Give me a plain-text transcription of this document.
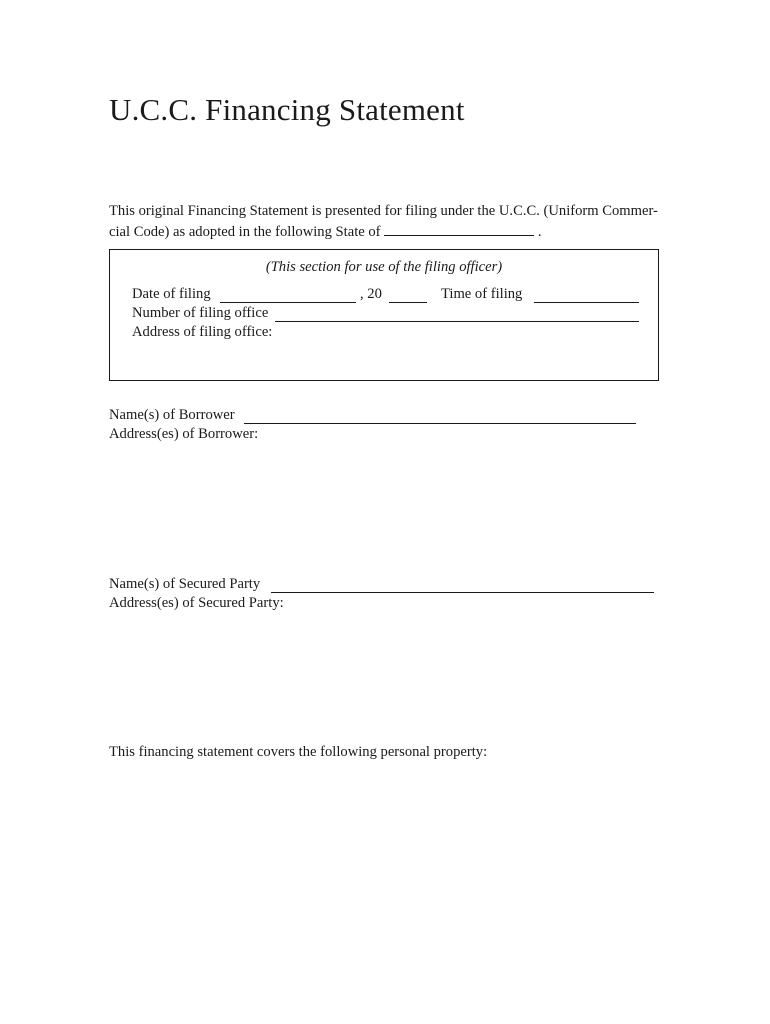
U.C.C. Financing Statement
This original Financing Statement is presented for filing under the U.C.C. (Uniform Commer-
cial Code) as adopted in the following State of	.
(This section for use of the filing officer)
Date of filing	, 20	Time of filing
Number of filing office
Address of filing office:
Name(s) of Borrower
Address(es) of Borrower:
Name(s) of Secured Party
Address(es) of Secured Party:
This financing statement covers the following personal property:
